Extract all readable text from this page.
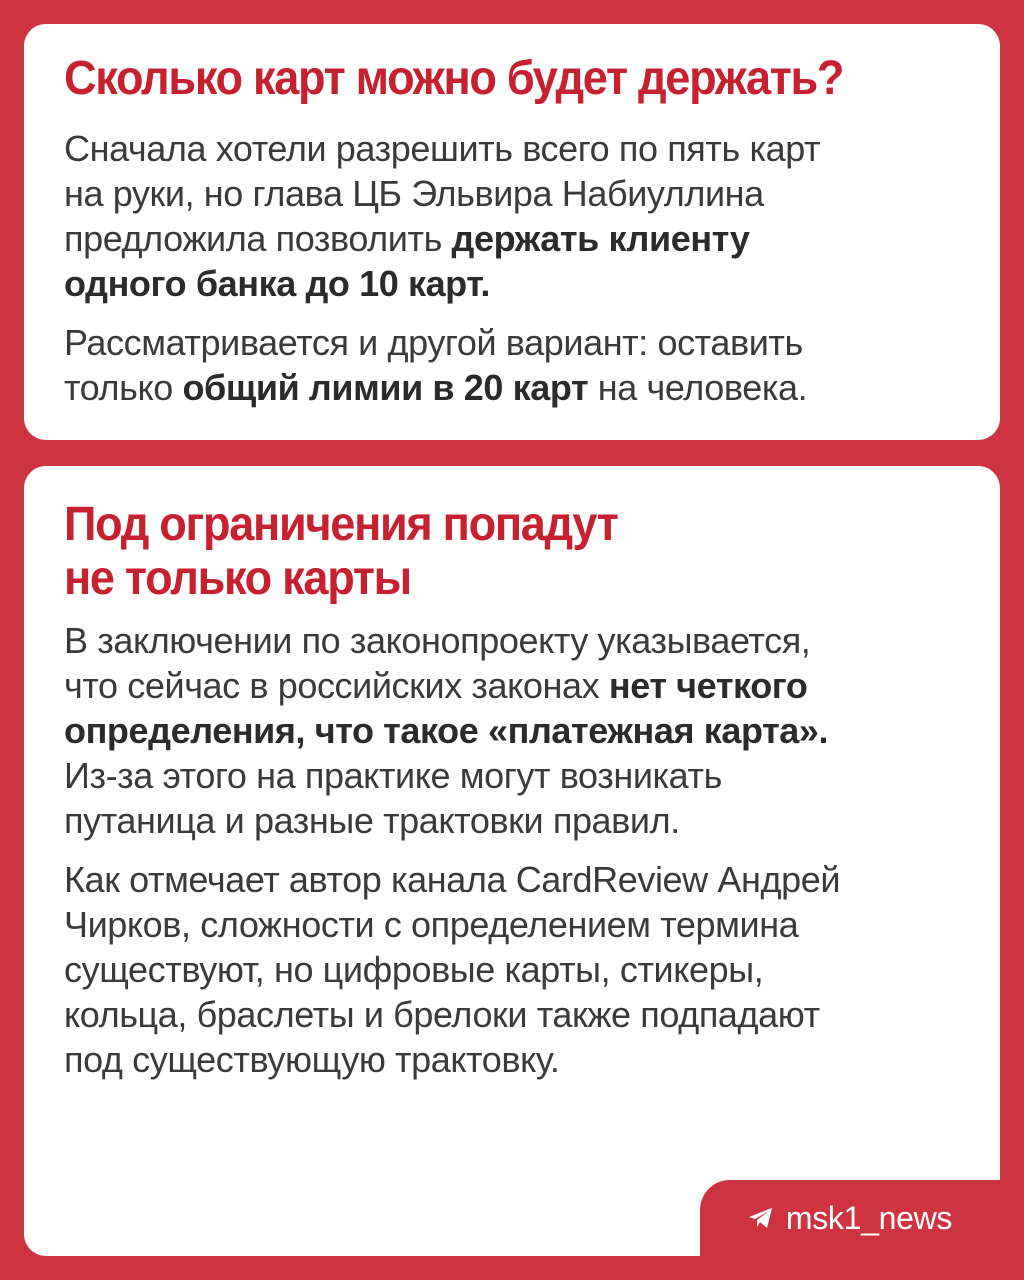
Сколько карт можно будет держать?

Сначала хотели разрешить всего по пять карт
на руки, но глава ЦБ Эльвира Набиуллина
предложила позволить держать клиенту
одного банка до 10 карт.

Рассматривается и другой вариант: оставить
только общий лимии в 20 карт на человека.

Под ограничения попадут
не только карты

В заключении по законопроекту указывается,
что сейчас в российских законах нет четкого
определения, что такое «платежная карта».
Из-за этого на практике могут возникать
путаница и разные трактовки правил.

Как отмечает автор канала CardReview Андрей
Чирков, сложности с определением термина
существуют, но цифровые карты, стикеры,
кольца, браслеты и брелоки также подпадают
под существующую трактовку.

msk1_news
